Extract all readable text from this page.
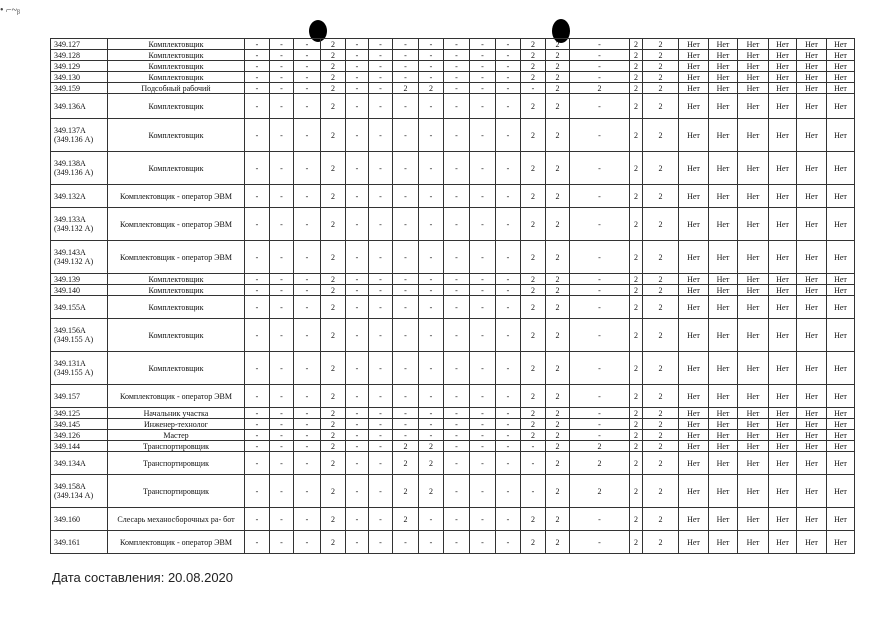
• ⌐~ᵦ
349.127	Комплектовщик	-	-	-	2	-	-	-	-	-	-	-	2	2	-	2	2	Нет	Нет	Нет	Нет	Нет	Нет
349.128	Комплектовщик	-	-	-	2	-	-	-	-	-	-	-	2	2	-	2	2	Нет	Нет	Нет	Нет	Нет	Нет
349.129	Комплектовщик	-	-	-	2	-	-	-	-	-	-	-	2	2	-	2	2	Нет	Нет	Нет	Нет	Нет	Нет
349.130	Комплектовщик	-	-	-	2	-	-	-	-	-	-	-	2	2	-	2	2	Нет	Нет	Нет	Нет	Нет	Нет
349.159	Подсобный рабочий	-	-	-	2	-	-	2	2	-	-	-	-	2	2	2	2	Нет	Нет	Нет	Нет	Нет	Нет
349.136А	Комплектовщик	-	-	-	2	-	-	-	-	-	-	-	2	2	-	2	2	Нет	Нет	Нет	Нет	Нет	Нет
349.137А (349.136 А)	Комплектовщик	-	-	-	2	-	-	-	-	-	-	-	2	2	-	2	2	Нет	Нет	Нет	Нет	Нет	Нет
349.138А (349.136 А)	Комплектовщик	-	-	-	2	-	-	-	-	-	-	-	2	2	-	2	2	Нет	Нет	Нет	Нет	Нет	Нет
349.132А	Комплектовщик - оператор ЭВМ	-	-	-	2	-	-	-	-	-	-	-	2	2	-	2	2	Нет	Нет	Нет	Нет	Нет	Нет
349.133А (349.132 А)	Комплектовщик - оператор ЭВМ	-	-	-	2	-	-	-	-	-	-	-	2	2	-	2	2	Нет	Нет	Нет	Нет	Нет	Нет
349.143А (349.132 А)	Комплектовщик - оператор ЭВМ	-	-	-	2	-	-	-	-	-	-	-	2	2	-	2	2	Нет	Нет	Нет	Нет	Нет	Нет
349.139	Комплектовщик	-	-	-	2	-	-	-	-	-	-	-	2	2	-	2	2	Нет	Нет	Нет	Нет	Нет	Нет
349.140	Комплектовщик	-	-	-	2	-	-	-	-	-	-	-	2	2	-	2	2	Нет	Нет	Нет	Нет	Нет	Нет
349.155А	Комплектовщик	-	-	-	2	-	-	-	-	-	-	-	2	2	-	2	2	Нет	Нет	Нет	Нет	Нет	Нет
349.156А (349.155 А)	Комплектовщик	-	-	-	2	-	-	-	-	-	-	-	2	2	-	2	2	Нет	Нет	Нет	Нет	Нет	Нет
349.131А (349.155 А)	Комплектовщик	-	-	-	2	-	-	-	-	-	-	-	2	2	-	2	2	Нет	Нет	Нет	Нет	Нет	Нет
349.157	Комплектовщик - оператор ЭВМ	-	-	-	2	-	-	-	-	-	-	-	2	2	-	2	2	Нет	Нет	Нет	Нет	Нет	Нет
349.125	Начальник участка	-	-	-	2	-	-	-	-	-	-	-	2	2	-	2	2	Нет	Нет	Нет	Нет	Нет	Нет
349.145	Инженер-технолог	-	-	-	2	-	-	-	-	-	-	-	2	2	-	2	2	Нет	Нет	Нет	Нет	Нет	Нет
349.126	Мастер	-	-	-	2	-	-	-	-	-	-	-	2	2	-	2	2	Нет	Нет	Нет	Нет	Нет	Нет
349.144	Транспортировщик	-	-	-	2	-	-	2	2	-	-	-	-	2	2	2	2	Нет	Нет	Нет	Нет	Нет	Нет
349.134А	Транспортировщик	-	-	-	2	-	-	2	2	-	-	-	-	2	2	2	2	Нет	Нет	Нет	Нет	Нет	Нет
349.158А (349.134 А)	Транспортировщик	-	-	-	2	-	-	2	2	-	-	-	-	2	2	2	2	Нет	Нет	Нет	Нет	Нет	Нет
349.160	Слесарь механосборочных ра- бот	-	-	-	2	-	-	2	-	-	-	-	2	2	-	2	2	Нет	Нет	Нет	Нет	Нет	Нет
349.161	Комплектовщик - оператор ЭВМ	-	-	-	2	-	-	-	-	-	-	-	2	2	-	2	2	Нет	Нет	Нет	Нет	Нет	Нет
Дата составления: 20.08.2020
